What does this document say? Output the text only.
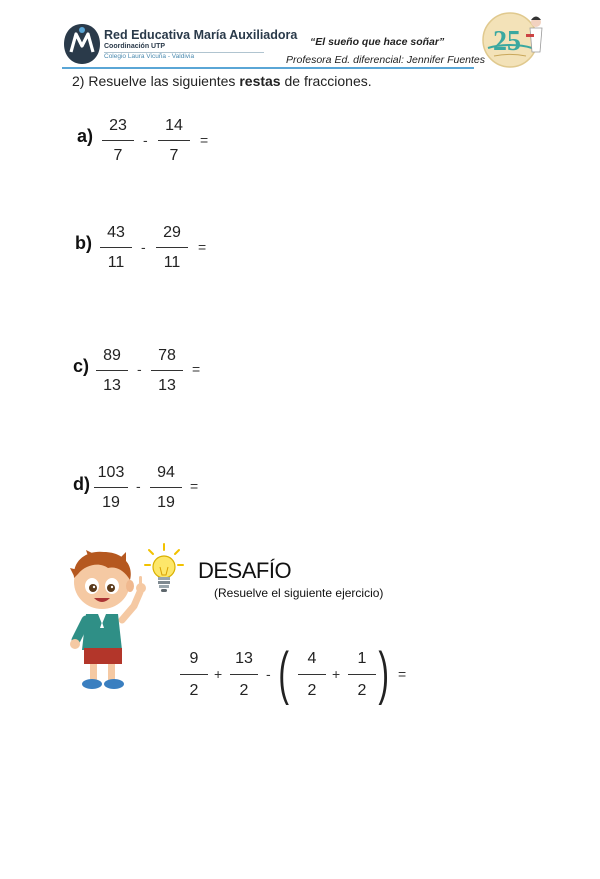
Red Educativa María Auxiliadora
Coordinación UTP
Colegio Laura Vicuña - Valdivia
“El sueño que hace soñar”
Profesora Ed. diferencial: Jennifer Fuentes
25
2) Resuelve las siguientes restas de fracciones.
a)
23
7
-
14
7
=
b)
43
11
-
29
11
=
c)
89
13
-
78
13
=
d)
103
19
-
94
19
=
DESAFÍO
(Resuelve el siguiente ejercicio)
9
2
+
13
2
- (	4
2
+
1
2 ) =
